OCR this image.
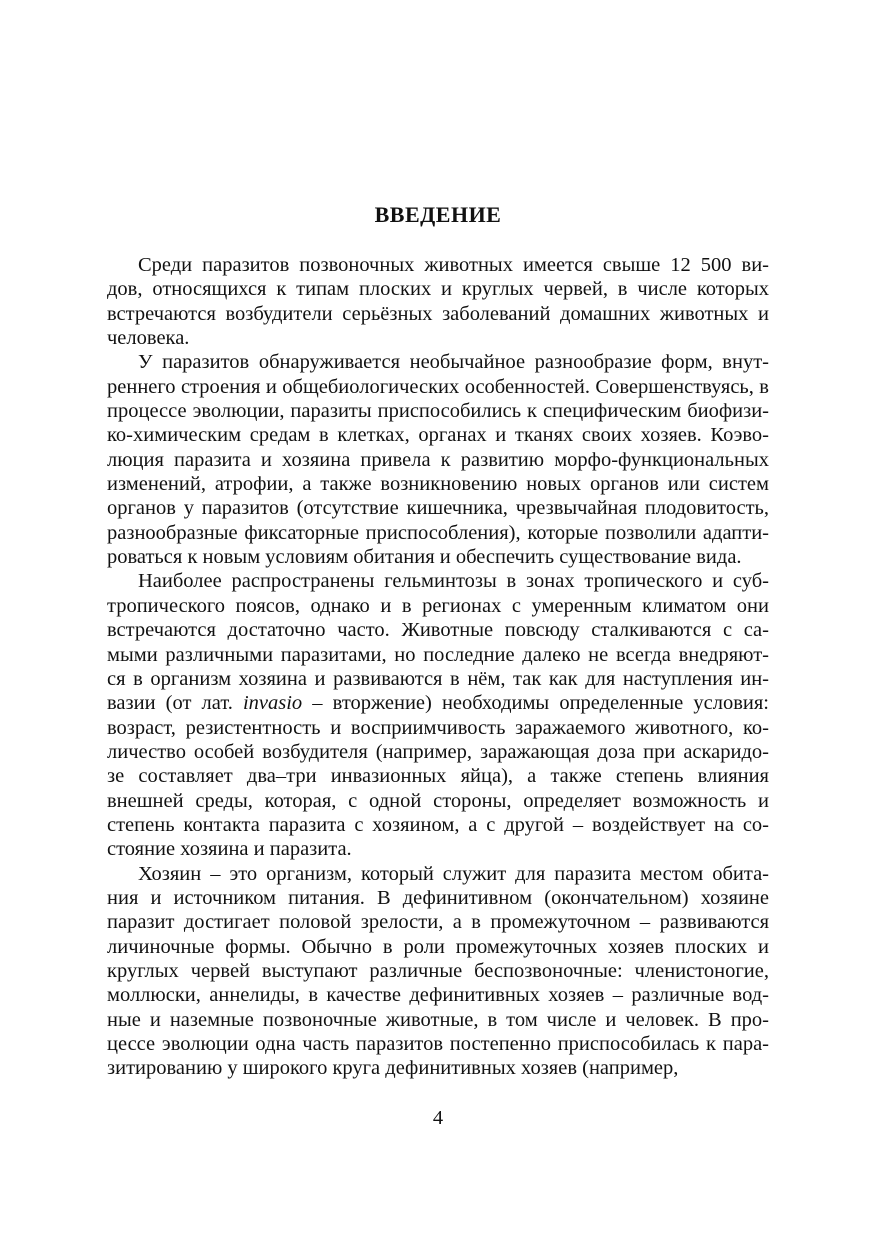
ВВЕДЕНИЕ
Среди паразитов позвоночных животных имеется свыше 12 500 ви-
дов, относящихся к типам плоских и круглых червей, в числе которых
встречаются возбудители серьёзных заболеваний домашних животных и
человека.
У паразитов обнаруживается необычайное разнообразие форм, внут-
реннего строения и общебиологических особенностей. Совершенствуясь, в
процессе эволюции, паразиты приспособились к специфическим биофизи-
ко-химическим средам в клетках, органах и тканях своих хозяев. Коэво-
люция паразита и хозяина привела к развитию морфо-функциональных
изменений, атрофии, а также возникновению новых органов или систем
органов у паразитов (отсутствие кишечника, чрезвычайная плодовитость,
разнообразные фиксаторные приспособления), которые позволили адапти-
роваться к новым условиям обитания и обеспечить существование вида.
Наиболее распространены гельминтозы в зонах тропического и суб-
тропического поясов, однако и в регионах с умеренным климатом они
встречаются достаточно часто. Животные повсюду сталкиваются с са-
мыми различными паразитами, но последние далеко не всегда внедряют-
ся в организм хозяина и развиваются в нём, так как для наступления ин-
вазии (от лат. invasio – вторжение) необходимы определенные условия:
возраст, резистентность и восприимчивость заражаемого животного, ко-
личество особей возбудителя (например, заражающая доза при аскаридо-
зе составляет два–три инвазионных яйца), а также степень влияния
внешней среды, которая, с одной стороны, определяет возможность и
степень контакта паразита с хозяином, а с другой – воздействует на со-
стояние хозяина и паразита.
Хозяин – это организм, который служит для паразита местом обита-
ния и источником питания. В дефинитивном (окончательном) хозяине
паразит достигает половой зрелости, а в промежуточном – развиваются
личиночные формы. Обычно в роли промежуточных хозяев плоских и
круглых червей выступают различные беспозвоночные: членистоногие,
моллюски, аннелиды, в качестве дефинитивных хозяев – различные вод-
ные и наземные позвоночные животные, в том числе и человек. В про-
цессе эволюции одна часть паразитов постепенно приспособилась к пара-
зитированию у широкого круга дефинитивных хозяев (например,
4
